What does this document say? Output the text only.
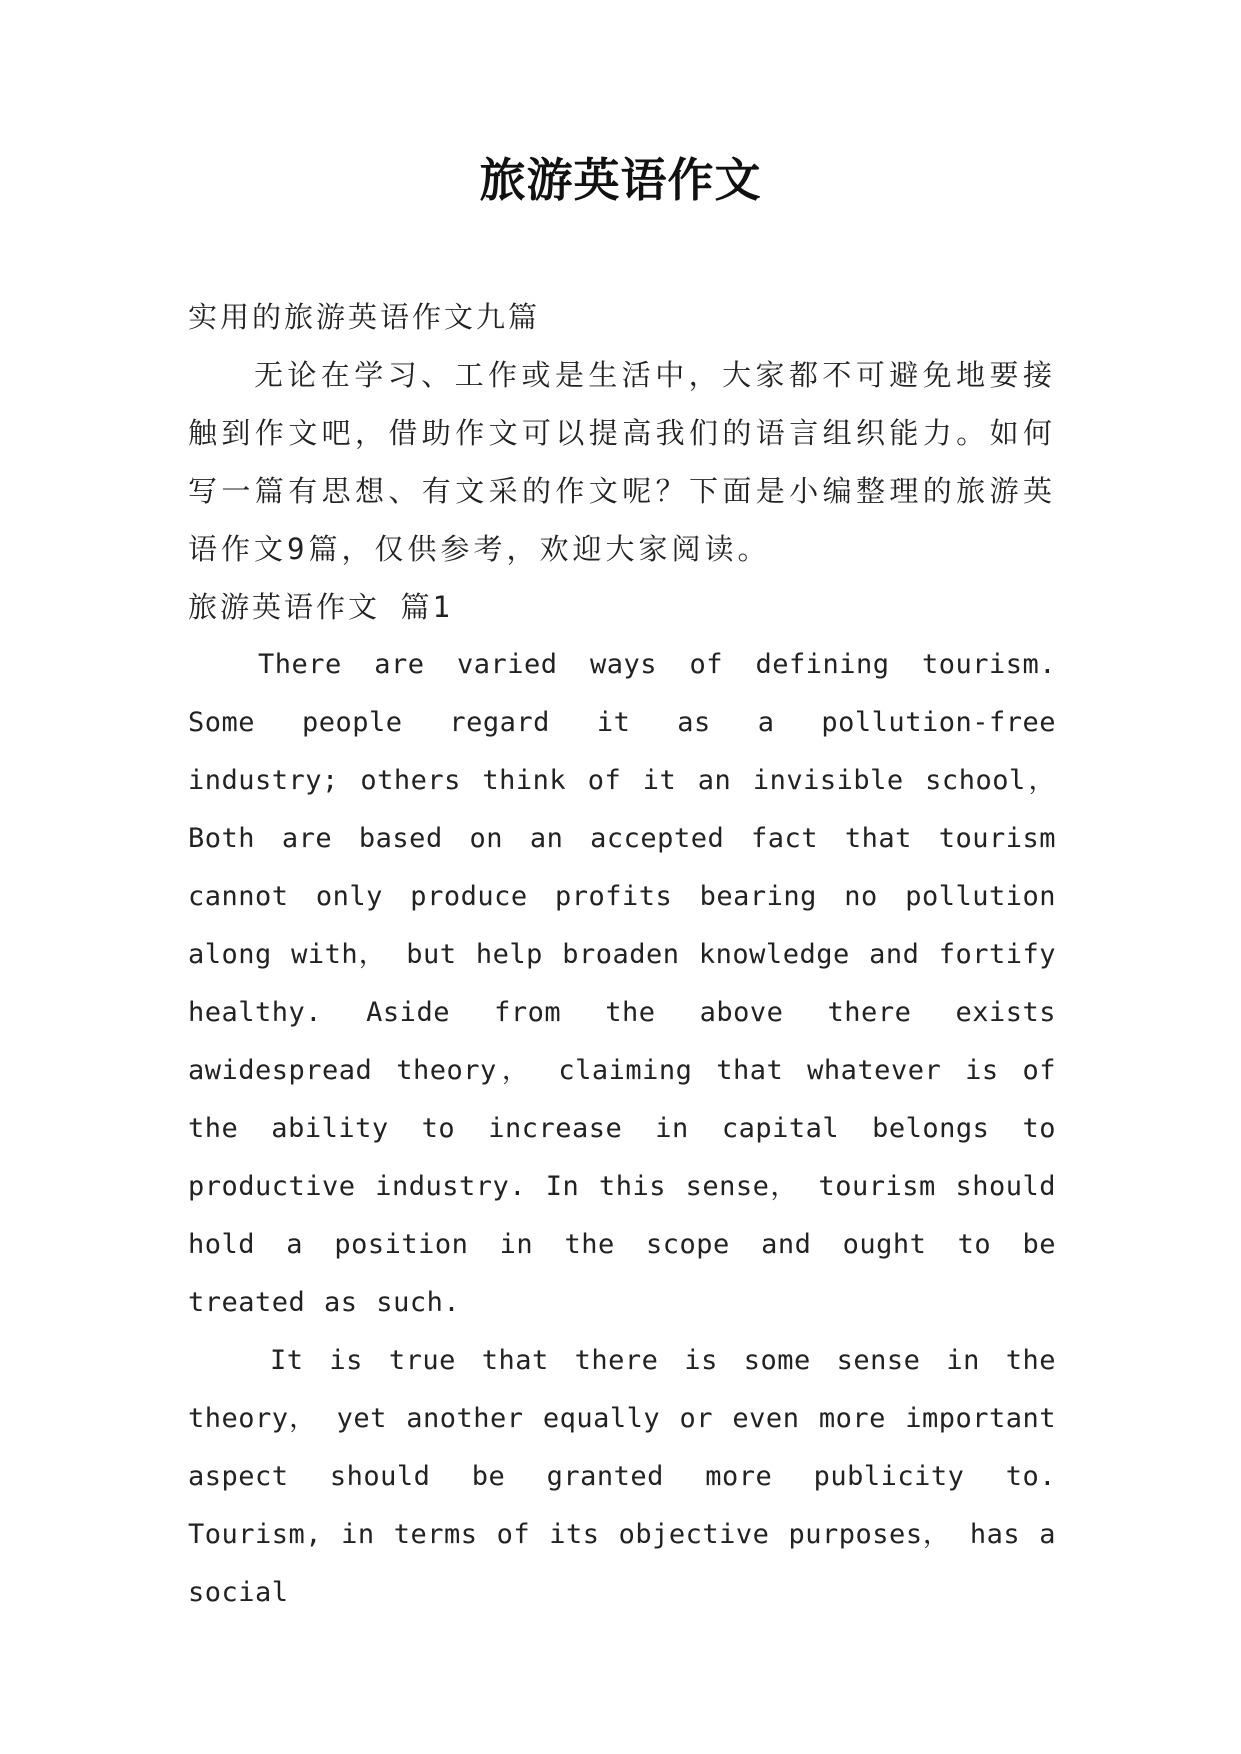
旅游英语作文

实用的旅游英语作文九篇

无论在学习、工作或是生活中，大家都不可避免地要接触到作文吧，借助作文可以提高我们的语言组织能力。如何写一篇有思想、有文采的作文呢？下面是小编整理的旅游英语作文9篇，仅供参考，欢迎大家阅读。

旅游英语作文 篇1

There are varied ways of defining tourism. Some people regard it as a pollution-free industry; others think of it an invisible school， Both are based on an accepted fact that tourism cannot only produce profits bearing no pollution along with， but help broaden knowledge and fortify healthy. Aside from the above there exists awidespread theory， claiming that whatever is of the ability to increase in capital belongs to productive industry. In this sense， tourism should hold a position in the scope and ought to be treated as such.

It is true that there is some sense in the theory， yet another equally or even more important aspect should be granted more publicity to. Tourism, in terms of its objective purposes， has a social
